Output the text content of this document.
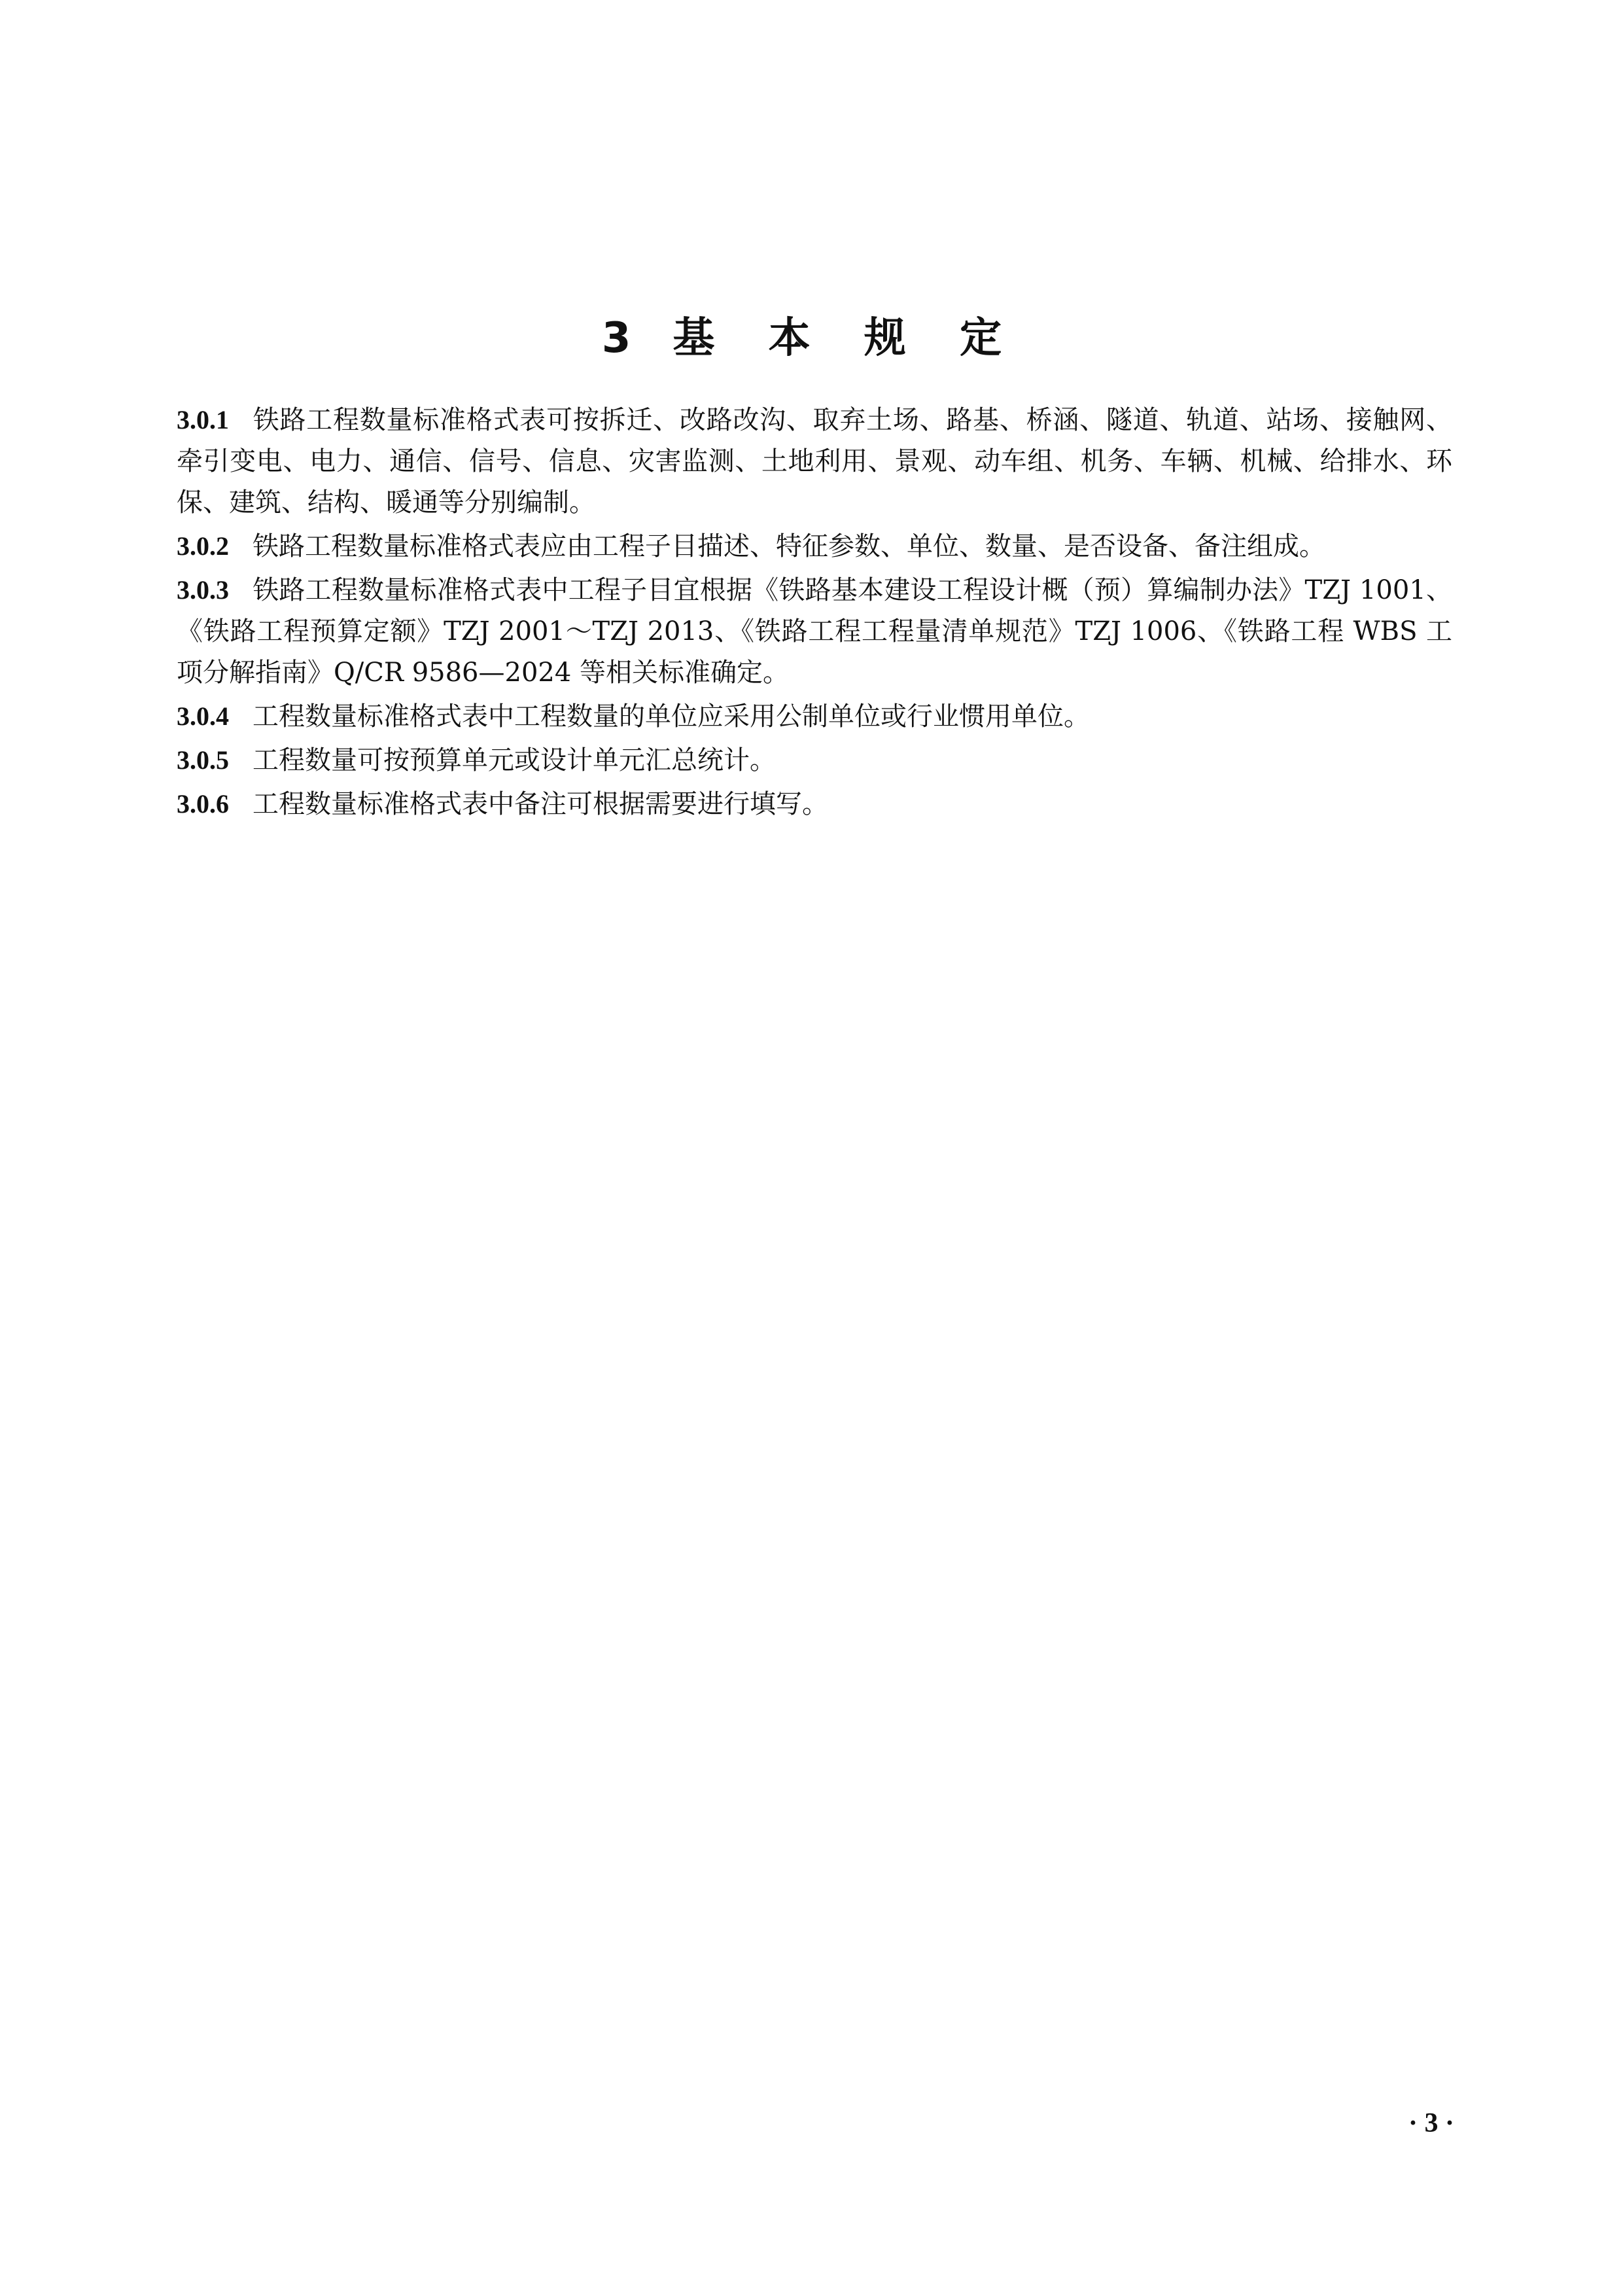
3 基 本 规 定

3.0.1 铁路工程数量标准格式表可按拆迁、改路改沟、取弃土场、路基、桥涵、隧道、轨道、站场、接触网、牵引变电、电力、通信、信号、信息、灾害监测、土地利用、景观、动车组、机务、车辆、机械、给排水、环保、建筑、结构、暖通等分别编制。

3.0.2 铁路工程数量标准格式表应由工程子目描述、特征参数、单位、数量、是否设备、备注组成。

3.0.3 铁路工程数量标准格式表中工程子目宜根据《铁路基本建设工程设计概（预）算编制办法》TZJ 1001、《铁路工程预算定额》TZJ 2001～TZJ 2013、《铁路工程工程量清单规范》TZJ 1006、《铁路工程 WBS 工项分解指南》Q/CR 9586—2024 等相关标准确定。

3.0.4 工程数量标准格式表中工程数量的单位应采用公制单位或行业惯用单位。

3.0.5 工程数量可按预算单元或设计单元汇总统计。

3.0.6 工程数量标准格式表中备注可根据需要进行填写。

· 3 ·
